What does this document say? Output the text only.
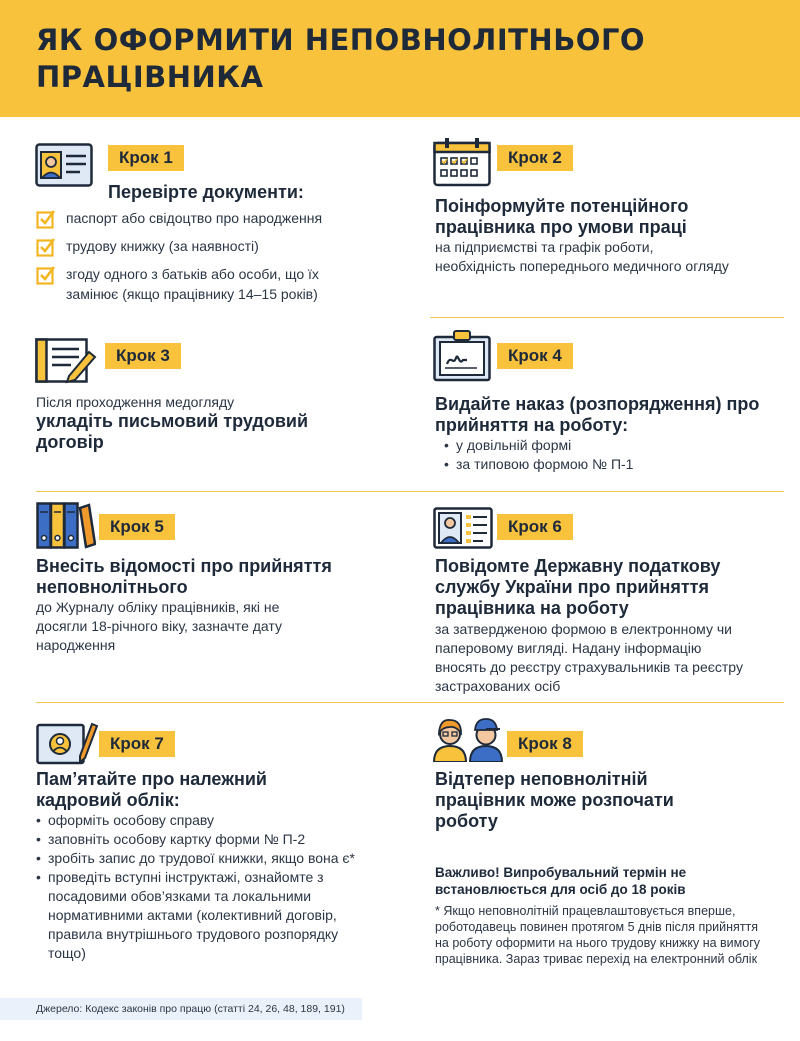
ЯК ОФОРМИТИ НЕПОВНОЛІТНЬОГО ПРАЦІВНИКА
Крок 1
Перевірте документи:
паспорт або свідоцтво про народження
трудову книжку (за наявності)
згоду одного з батьків або особи, що їх замінює (якщо працівнику 14–15 років)
Крок 2
Поінформуйте потенційного працівника про умови праці
на підприємстві та графік роботи, необхідність попереднього медичного огляду
Крок 3
Після проходження медогляду
укладіть письмовий трудовий договір
Крок 4
Видайте наказ (розпорядження) про прийняття на роботу:
• у довільній формі
• за типовою формою № П-1
Крок 5
Внесіть відомості про прийняття неповнолітнього
до Журналу обліку працівників, які не досягли 18-річного віку, зазначте дату народження
Крок 6
Повідомте Державну податкову службу України про прийняття працівника на роботу
за затвердженою формою в електронному чи паперовому вигляді. Надану інформацію вносять до реєстру страхувальників та реєстру застрахованих осіб
Крок 7
Пам’ятайте про належний кадровий облік:
• оформіть особову справу
• заповніть особову картку форми № П-2
• зробіть запис до трудової книжки, якщо вона є*
• проведіть вступні інструктажі, ознайомте з посадовими обов’язками та локальними нормативними актами (колективний договір, правила внутрішнього трудового розпорядку тощо)
Крок 8
Відтепер неповнолітній працівник може розпочати роботу
Важливо! Випробувальний термін не встановлюється для осіб до 18 років
* Якщо неповнолітній працевлаштовується вперше, роботодавець повинен протягом 5 днів після прийняття на роботу оформити на нього трудову книжку на вимогу працівника. Зараз триває перехід на електронний облік
Джерело: Кодекс законів про працю (статті 24, 26, 48, 189, 191)
